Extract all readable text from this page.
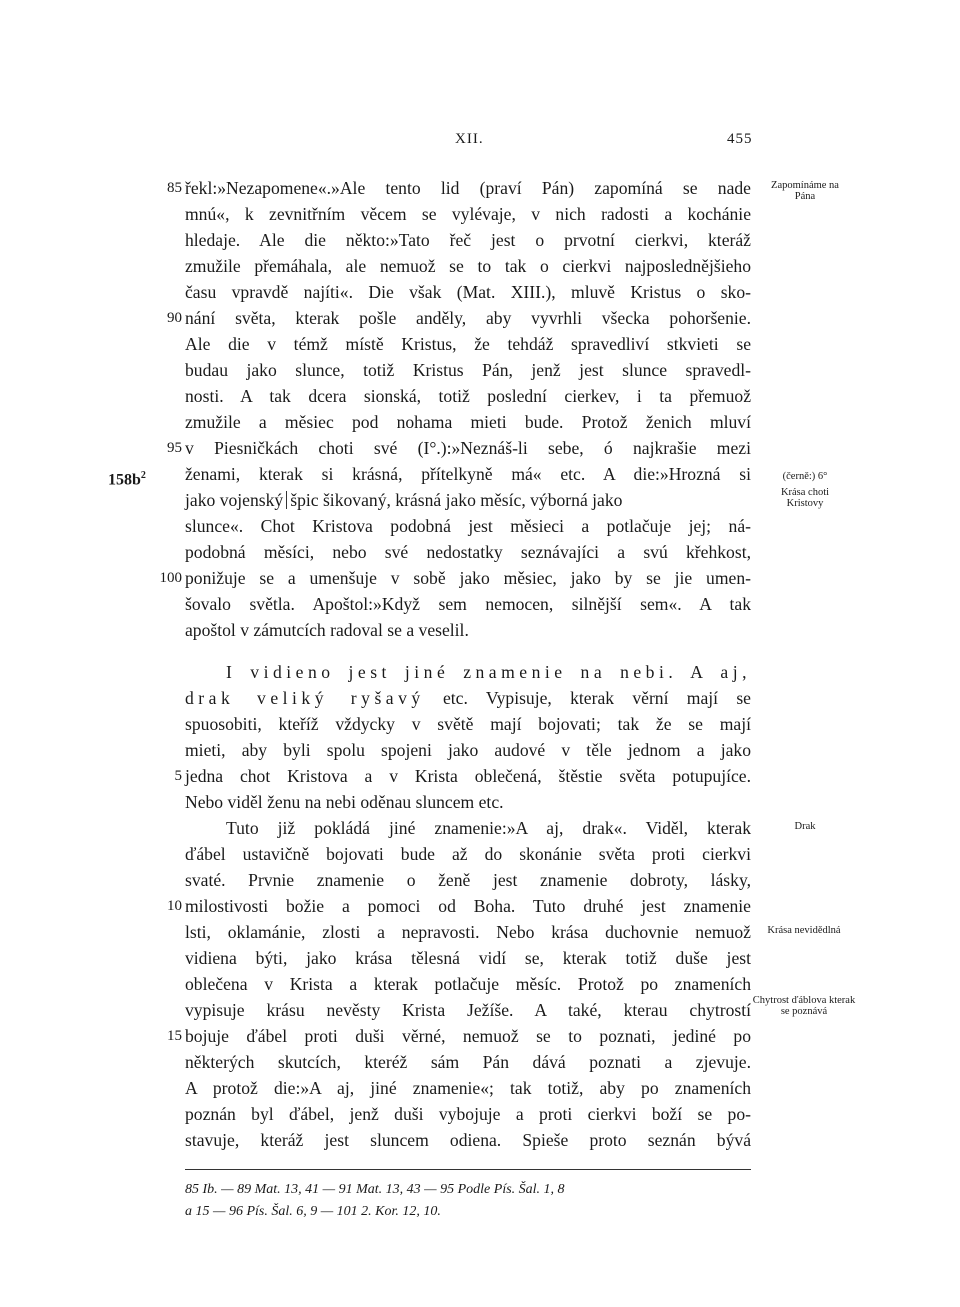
XII.	455
$158b^2$
85 řekl:»Nezapomene«.»Ale tento lid (praví Pán) zapomíná se nade
mnú«, k zevnitřním věcem se vylévaje, v nich radosti a kochánie
hledaje. Ale die někto:»Tato řeč jest o prvotní cierkvi, kteráž
zmužile přemáhala, ale nemuož se to tak o cierkvi najposlednějšieho
času vpravdě najíti«. Die však (Mat. XIII.), mluvě Kristus o sko-
90 nání světa, kterak pošle anděly, aby vyvrhli všecka pohoršenie.
Ale die v témž místě Kristus, že tehdáž spravedliví stkvieti se
budau jako slunce, totiž Kristus Pán, jenž jest slunce spravedl-
nosti. A tak dcera sionská, totiž poslední cierkev, i ta přemuož
zmužile a měsiec pod nohama mieti bude. Protož ženich mluví
95 v Piesničkách choti své (I°.):»Neznáš-li sebe, ó najkrašie mezi
ženami, kterak si krásná, přítelkyně má« etc. A die:»Hrozná si
jako vojenský špic šikovaný, krásná jako měsíc, výborná jako
slunce«. Chot Kristova podobná jest měsieci a potlačuje jej; ná-
podobná měsíci, nebo své nedostatky seznávajíci a svú křehkost,
100 ponižuje se a umenšuje v sobě jako měsiec, jako by se jie umen-
šovalo světla. Apoštol:»Když sem nemocen, silnější sem«. A tak
apoštol v zámutcích radoval se a veselil.
I vidieno jest jiné znamenie na nebi. A aj,
drak veliký ryšavý etc. Vypisuje, kterak věrní mají se
spuosobiti, kteříž vždycky v světě mají bojovati; tak že se mají
mieti, aby byli spolu spojeni jako audové v těle jednom a jako
5 jedna chot Kristova a v Krista oblečená, štěstie světa potupujíce.
Nebo viděl ženu na nebi oděnau sluncem etc.
Tuto již pokládá jiné znamenie:»A aj, drak«. Viděl, kterak
ďábel ustavičně bojovati bude až do skonánie světa proti cierkvi
svaté. Prvnie znamenie o ženě jest znamenie dobroty, lásky,
10 milostivosti božie a pomoci od Boha. Tuto druhé jest znamenie
lsti, oklamánie, zlosti a nepravosti. Nebo krása duchovnie nemuož
vidiena býti, jako krása tělesná vidí se, kterak totiž duše jest
oblečena v Krista a kterak potlačuje měsíc. Protož po znameních
vypisuje krásu nevěsty Krista Ježíše. A také, kterau chytrostí
15 bojuje ďábel proti duši věrné, nemuož se to poznati, jediné po
některých skutcích, kteréž sám Pán dává poznati a zjevuje.
A protož die:»A aj, jiné znamenie«; tak totiž, aby po znameních
poznán byl ďábel, jenž duši vybojuje a proti cierkvi boží se po-
stavuje, kteráž jest sluncem odiena. Spieše proto seznán bývá
Zapomínáme na Pána
(černě:) 6°
Krása choti Kristovy
Drak
Krása nevidědlná
Chytrost ďáblova kterak se poznává
85 Ib. — 89 Mat. 13, 41 — 91 Mat. 13, 43 — 95 Podle Pís. Šal. 1, 8
a 15 — 96 Pís. Šal. 6, 9 — 101 2. Kor. 12, 10.
